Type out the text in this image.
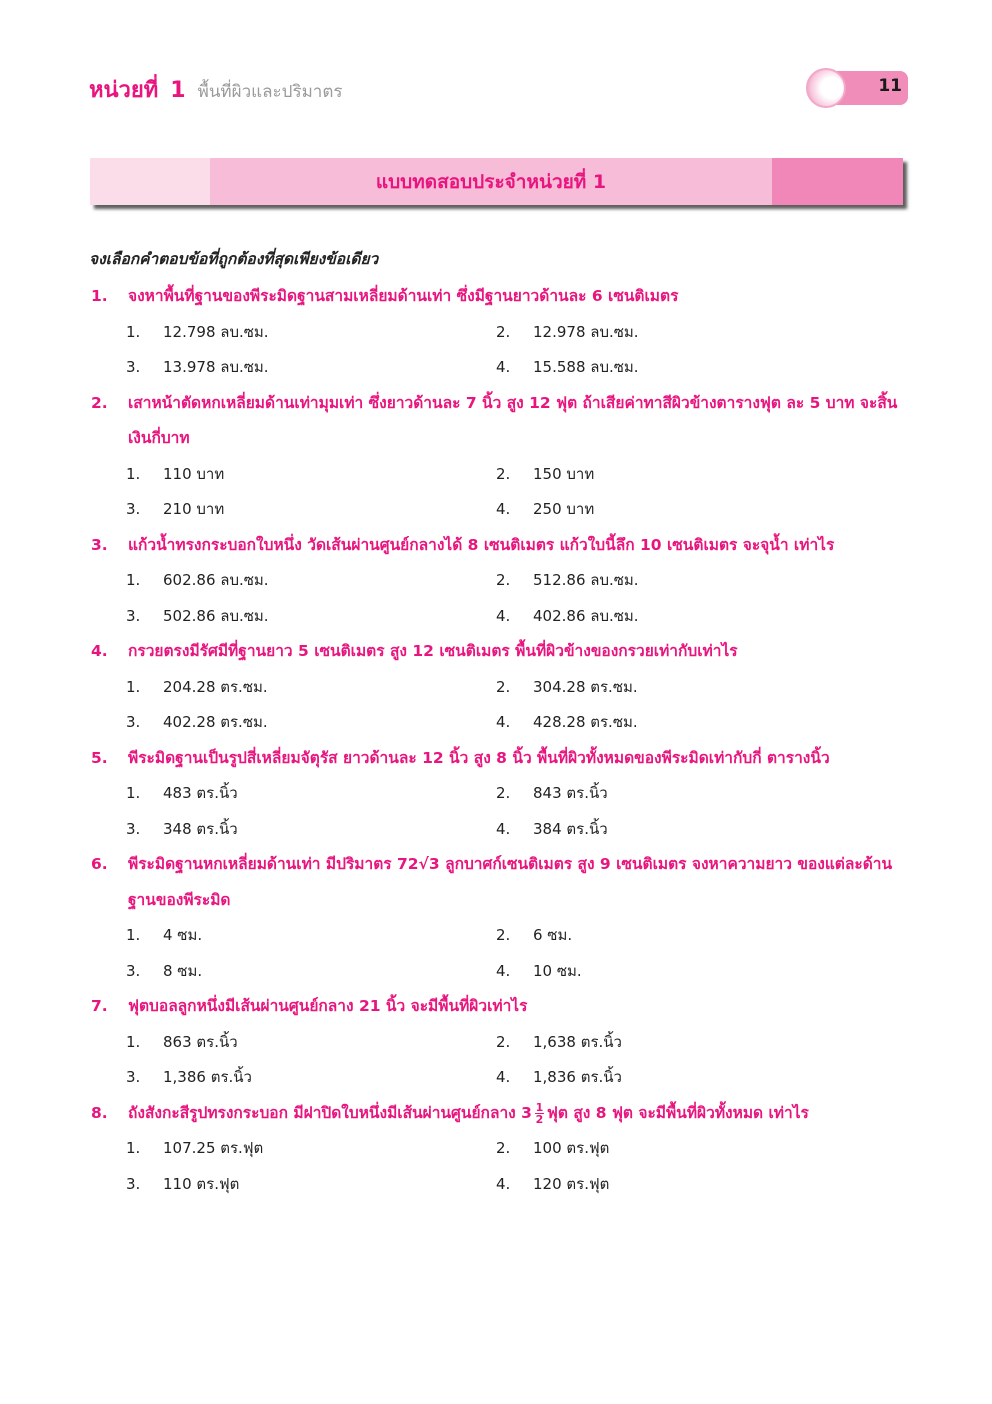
หน่วยที่ 1 พื้นที่ผิวและปริมาตร	11
แบบทดสอบประจำหน่วยที่ 1
จงเลือกคำตอบข้อที่ถูกต้องที่สุดเพียงข้อเดียว
1.	จงหาพื้นที่ฐานของพีระมิดฐานสามเหลี่ยมด้านเท่า ซึ่งมีฐานยาวด้านละ 6 เซนติเมตร
1.	12.798 ลบ.ซม.	2.	12.978 ลบ.ซม.
3.	13.978 ลบ.ซม.	4.	15.588 ลบ.ซม.
2.	เสาหน้าตัดหกเหลี่ยมด้านเท่ามุมเท่า ซึ่งยาวด้านละ 7 นิ้ว สูง 12 ฟุต ถ้าเสียค่าทาสีผิวข้างตารางฟุต ละ 5 บาท จะสิ้นเงินกี่บาท
1.	110 บาท	2.	150 บาท
3.	210 บาท	4.	250 บาท
3.	แก้วน้ำทรงกระบอกใบหนึ่ง วัดเส้นผ่านศูนย์กลางได้ 8 เซนติเมตร แก้วใบนี้ลึก 10 เซนติเมตร จะจุน้ำ เท่าไร
1.	602.86 ลบ.ซม.	2.	512.86 ลบ.ซม.
3.	502.86 ลบ.ซม.	4.	402.86 ลบ.ซม.
4.	กรวยตรงมีรัศมีที่ฐานยาว 5 เซนติเมตร สูง 12 เซนติเมตร พื้นที่ผิวข้างของกรวยเท่ากับเท่าไร
1.	204.28 ตร.ซม.	2.	304.28 ตร.ซม.
3.	402.28 ตร.ซม.	4.	428.28 ตร.ซม.
5.	พีระมิดฐานเป็นรูปสี่เหลี่ยมจัตุรัส ยาวด้านละ 12 นิ้ว สูง 8 นิ้ว พื้นที่ผิวทั้งหมดของพีระมิดเท่ากับกี่ ตารางนิ้ว
1.	483 ตร.นิ้ว	2.	843 ตร.นิ้ว
3.	348 ตร.นิ้ว	4.	384 ตร.นิ้ว
6.	พีระมิดฐานหกเหลี่ยมด้านเท่า มีปริมาตร 72√3 ลูกบาศก์เซนติเมตร สูง 9 เซนติเมตร จงหาความยาว ของแต่ละด้านฐานของพีระมิด
1.	4 ซม.	2.	6 ซม.
3.	8 ซม.	4.	10 ซม.
7.	ฟุตบอลลูกหนึ่งมีเส้นผ่านศูนย์กลาง 21 นิ้ว จะมีพื้นที่ผิวเท่าไร
1.	863 ตร.นิ้ว	2.	1,638 ตร.นิ้ว
3.	1,386 ตร.นิ้ว	4.	1,836 ตร.นิ้ว
8.	ถังสังกะสีรูปทรงกระบอก มีฝาปิดใบหนึ่งมีเส้นผ่านศูนย์กลาง $3 \frac{1}{2}$ ฟุต สูง 8 ฟุต จะมีพื้นที่ผิวทั้งหมด เท่าไร
1.	107.25 ตร.ฟุต	2.	100 ตร.ฟุต
3.	110 ตร.ฟุต	4.	120 ตร.ฟุต
